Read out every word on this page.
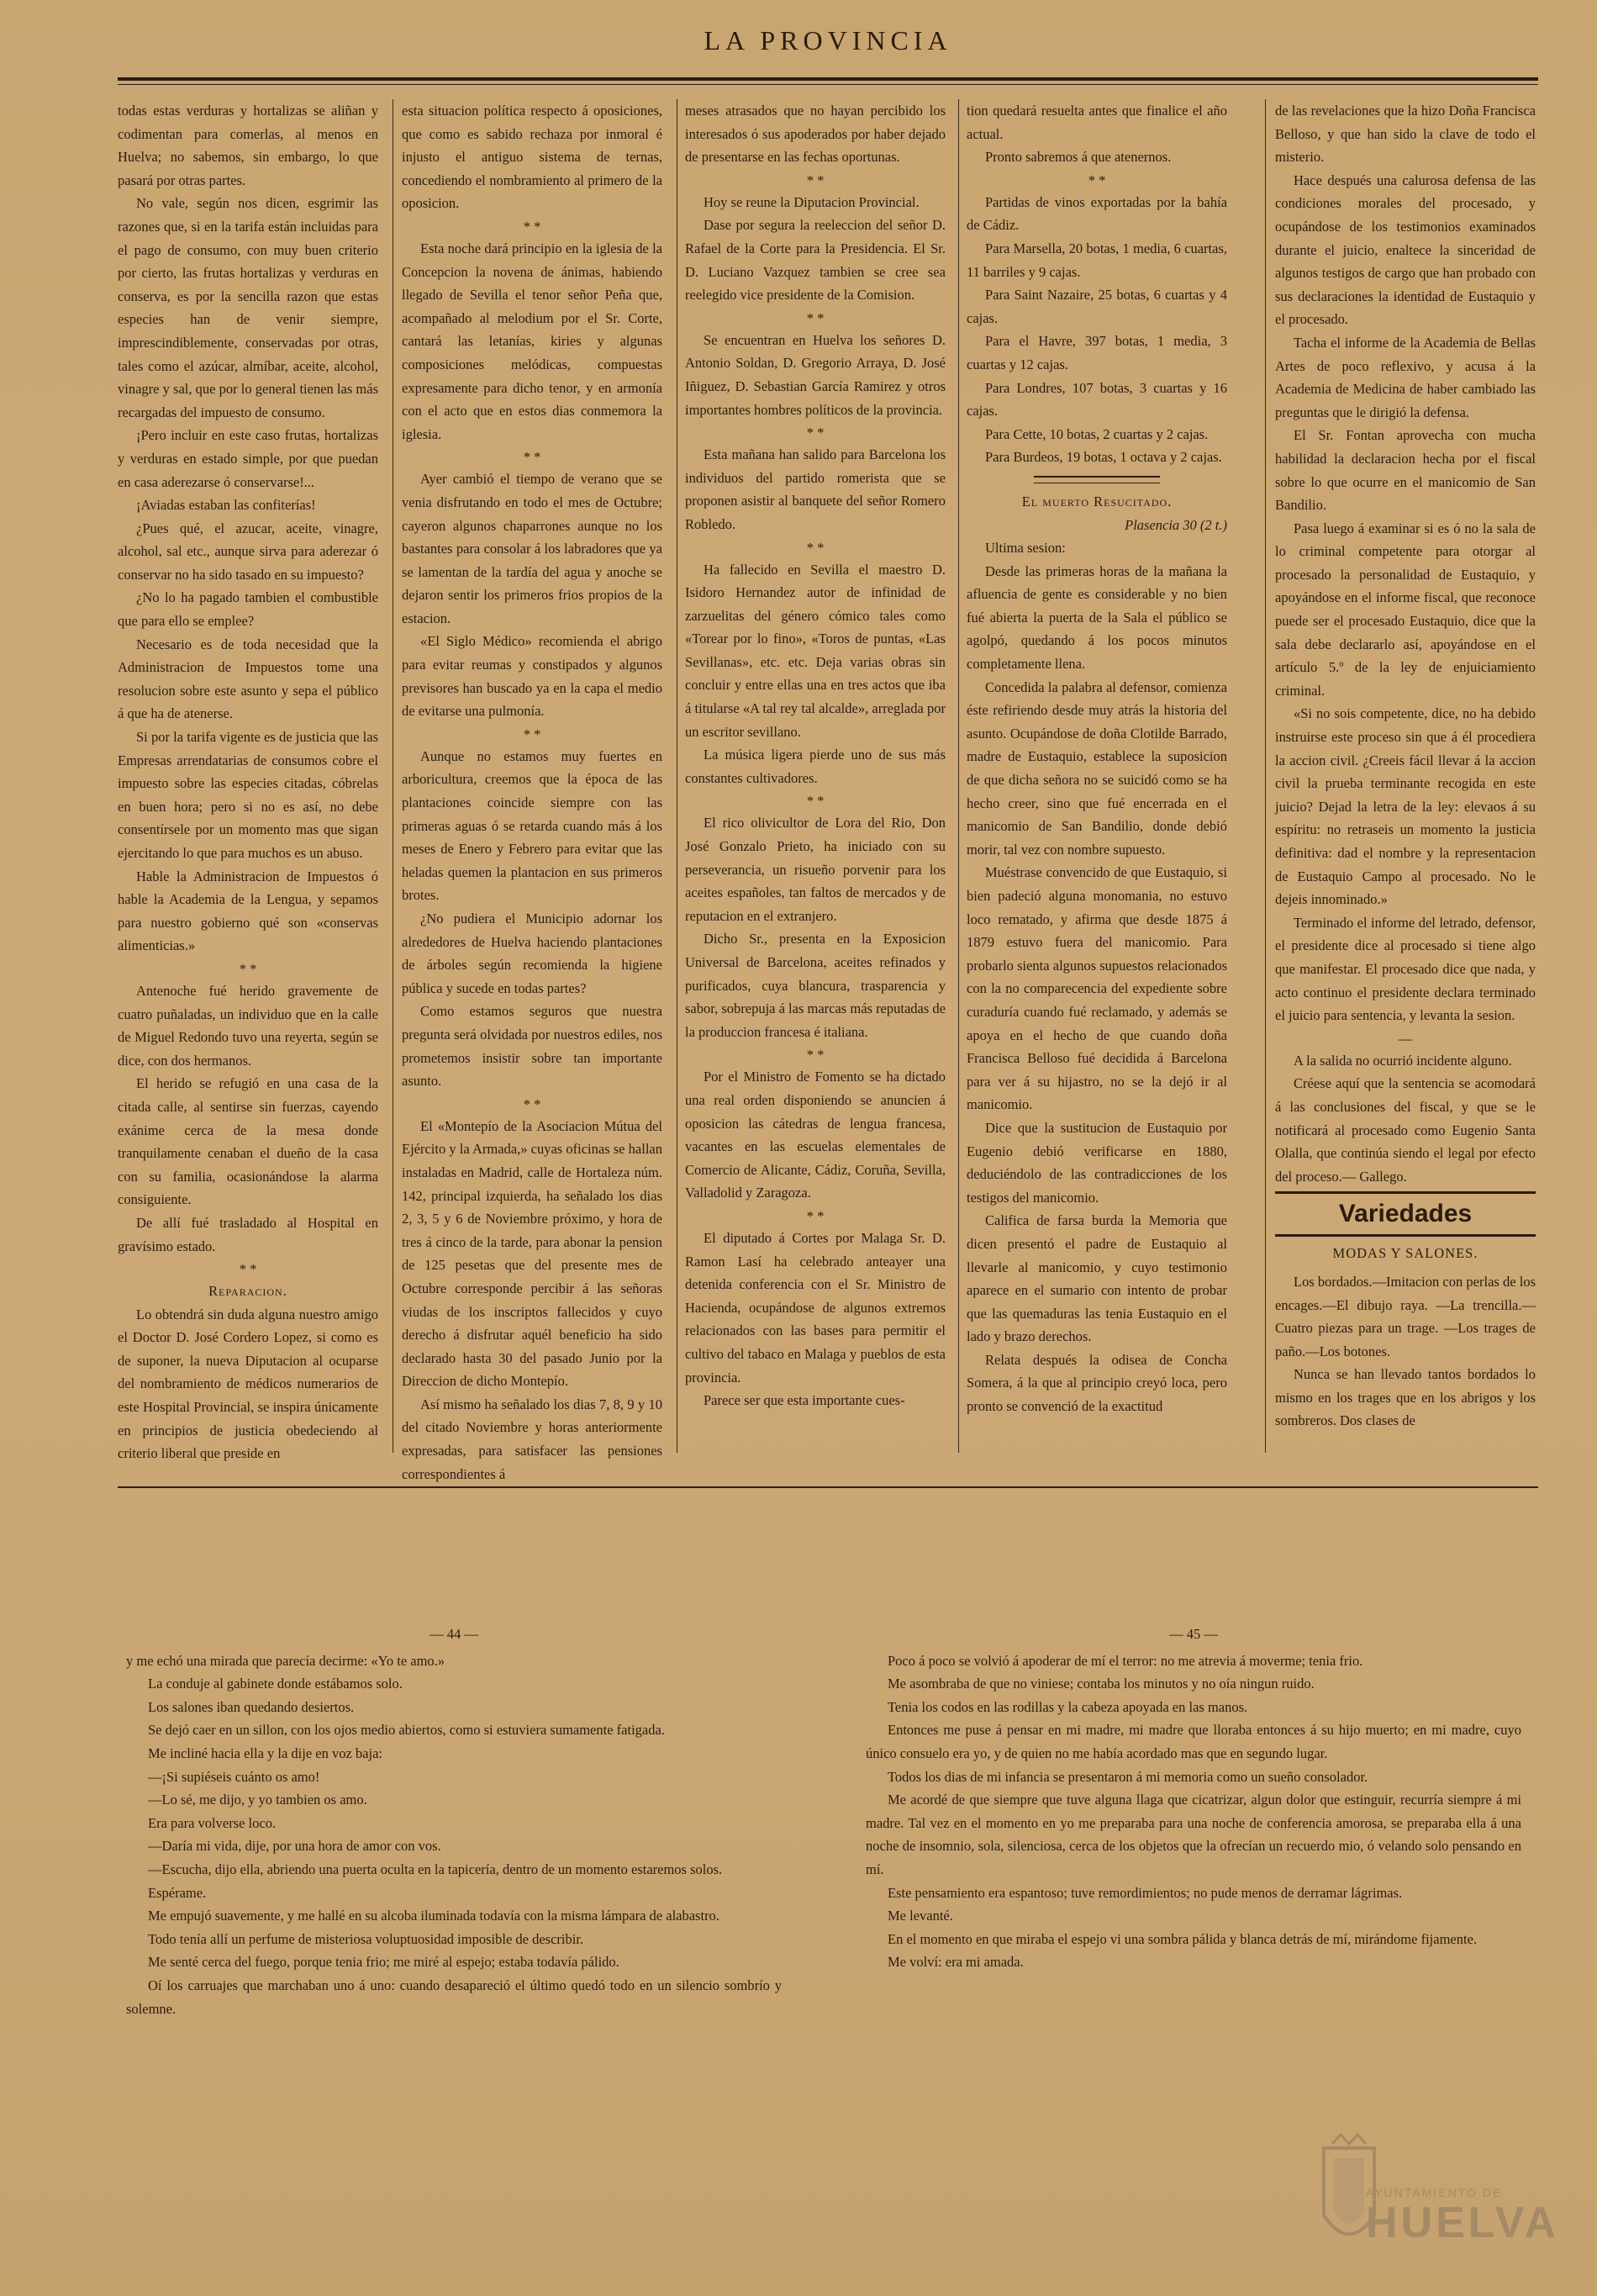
LA PROVINCIA

todas estas verduras y hortalizas se aliñan y codimentan para comerlas, al menos en Huelva; no sabemos, sin embargo, lo que pasará por otras partes.

No vale, según nos dicen, esgrimir las razones que, si en la tarifa están incluidas para el pago de consumo, con muy buen criterio por cierto, las frutas hortalizas y verduras en conserva, es por la sencilla razon que estas especies han de venir siempre, imprescindiblemente, conservadas por otras, tales como el azúcar, almíbar, aceite, alcohol, vinagre y sal, que por lo general tienen las más recargadas del impuesto de consumo.

¡Pero incluir en este caso frutas, hortalizas y verduras en estado simple, por que puedan en casa aderezarse ó conservarse!...

¡Aviadas estaban las confiterías!

¿Pues qué, el azucar, aceite, vinagre, alcohol, sal etc., aunque sirva para aderezar ó conservar no ha sido tasado en su impuesto?

¿No lo ha pagado tambien el combustible que para ello se emplee?

Necesario es de toda necesidad que la Administracion de Impuestos tome una resolucion sobre este asunto y sepa el público á que ha de atenerse.

Si por la tarifa vigente es de justicia que las Empresas arrendatarias de consumos cobre el impuesto sobre las especies citadas, cóbrelas en buen hora; pero si no es así, no debe consentírsele por un momento mas que sigan ejercitando lo que para muchos es un abuso.

Hable la Administracion de Impuestos ó hable la Academia de la Lengua, y sepamos para nuestro gobierno qué son «conservas alimenticias.»

* *

Antenoche fué herido gravemente de cuatro puñaladas, un individuo que en la calle de Miguel Redondo tuvo una reyerta, según se dice, con dos hermanos.

El herido se refugió en una casa de la citada calle, al sentirse sin fuerzas, cayendo exánime cerca de la mesa donde tranquilamente cenaban el dueño de la casa con su familia, ocasionándose la alarma consiguiente.

De allí fué trasladado al Hospital en gravísimo estado.

* *

Reparacion.

Lo obtendrá sin duda alguna nuestro amigo el Doctor D. José Cordero Lopez, si como es de suponer, la nueva Diputacion al ocuparse del nombramiento de médicos numerarios de este Hospital Provincial, se inspira únicamente en principios de justicia obedeciendo al criterio liberal que preside en

esta situacion política respecto á oposiciones, que como es sabido rechaza por inmoral é injusto el antiguo sistema de ternas, concediendo el nombramiento al primero de la oposicion.

* *

Esta noche dará principio en la iglesia de la Concepcion la novena de ánimas, habiendo llegado de Sevilla el tenor señor Peña que, acompañado al melodium por el Sr. Corte, cantará las letanías, kiries y algunas composiciones melódicas, compuestas expresamente para dicho tenor, y en armonía con el acto que en estos dias conmemora la iglesia.

* *

Ayer cambió el tiempo de verano que se venia disfrutando en todo el mes de Octubre; cayeron algunos chaparrones aunque no los bastantes para consolar á los labradores que ya se lamentan de la tardía del agua y anoche se dejaron sentir los primeros frios propios de la estacion.

«El Siglo Médico» recomienda el abrigo para evitar reumas y constipados y algunos previsores han buscado ya en la capa el medio de evitarse una pulmonía.

* *

Aunque no estamos muy fuertes en arboricultura, creemos que la época de las plantaciones coincide siempre con las primeras aguas ó se retarda cuando más á los meses de Enero y Febrero para evitar que las heladas quemen la plantacion en sus primeros brotes.

¿No pudiera el Municipio adornar los alrededores de Huelva haciendo plantaciones de árboles según recomienda la higiene pública y sucede en todas partes?

Como estamos seguros que nuestra pregunta será olvidada por nuestros ediles, nos prometemos insistir sobre tan importante asunto.

* *

El «Montepío de la Asociacion Mútua del Ejército y la Armada,» cuyas oficinas se hallan instaladas en Madrid, calle de Hortaleza núm. 142, principal izquierda, ha señalado los dias 2, 3, 5 y 6 de Noviembre próximo, y hora de tres á cinco de la tarde, para abonar la pension de 125 pesetas que del presente mes de Octubre corresponde percibir á las señoras viudas de los inscriptos fallecidos y cuyo derecho á disfrutar aquél beneficio ha sido declarado hasta 30 del pasado Junio por la Direccion de dicho Montepío.

Así mismo ha señalado los dias 7, 8, 9 y 10 del citado Noviembre y horas anteriormente expresadas, para satisfacer las pensiones correspondientes á

meses atrasados que no hayan percibido los interesados ó sus apoderados por haber dejado de presentarse en las fechas oportunas.

* *

Hoy se reune la Diputacion Provincial.

Dase por segura la reeleccion del señor D. Rafael de la Corte para la Presidencia. El Sr. D. Luciano Vazquez tambien se cree sea reelegido vice presidente de la Comision.

* *

Se encuentran en Huelva los señores D. Antonio Soldan, D. Gregorio Arraya, D. José Iñiguez, D. Sebastian García Ramirez y otros importantes hombres políticos de la provincia.

* *

Esta mañana han salido para Barcelona los individuos del partido romerista que se proponen asistir al banquete del señor Romero Robledo.

* *

Ha fallecido en Sevilla el maestro D. Isidoro Hernandez autor de infinidad de zarzuelitas del género cómico tales como «Torear por lo fino», «Toros de puntas, «Las Sevillanas», etc. etc. Deja varias obras sin concluir y entre ellas una en tres actos que iba á titularse «A tal rey tal alcalde», arreglada por un escritor sevillano.

La música ligera pierde uno de sus más constantes cultivadores.

* *

El rico olivicultor de Lora del Rio, Don José Gonzalo Prieto, ha iniciado con su perseverancia, un risueño porvenir para los aceites españoles, tan faltos de mercados y de reputacion en el extranjero.

Dicho Sr., presenta en la Exposicion Universal de Barcelona, aceites refinados y purificados, cuya blancura, trasparencia y sabor, sobrepuja á las marcas más reputadas de la produccion francesa é italiana.

* *

Por el Ministro de Fomento se ha dictado una real orden disponiendo se anuncien á oposicion las cátedras de lengua francesa, vacantes en las escuelas elementales de Comercio de Alicante, Cádiz, Coruña, Sevilla, Valladolid y Zaragoza.

* *

El diputado á Cortes por Malaga Sr. D. Ramon Lasí ha celebrado anteayer una detenida conferencia con el Sr. Ministro de Hacienda, ocupándose de algunos extremos relacionados con las bases para permitir el cultivo del tabaco en Malaga y pueblos de esta provincia.

Parece ser que esta importante cues-

tion quedará resuelta antes que finalice el año actual.

Pronto sabremos á que atenernos.

* *

Partidas de vinos exportadas por la bahía de Cádiz.

Para Marsella, 20 botas, 1 media, 6 cuartas, 11 barriles y 9 cajas.

Para Saint Nazaire, 25 botas, 6 cuartas y 4 cajas.

Para el Havre, 397 botas, 1 media, 3 cuartas y 12 cajas.

Para Londres, 107 botas, 3 cuartas y 16 cajas.

Para Cette, 10 botas, 2 cuartas y 2 cajas.

Para Burdeos, 19 botas, 1 octava y 2 cajas.

El muerto Resucitado.

Plasencia 30 (2 t.)

Ultima sesion:

Desde las primeras horas de la mañana la afluencia de gente es considerable y no bien fué abierta la puerta de la Sala el público se agolpó, quedando á los pocos minutos completamente llena.

Concedida la palabra al defensor, comienza éste refiriendo desde muy atrás la historia del asunto. Ocupándose de doña Clotilde Barrado, madre de Eustaquio, establece la suposicion de que dicha señora no se suicidó como se ha hecho creer, sino que fué encerrada en el manicomio de San Bandilio, donde debió morir, tal vez con nombre supuesto.

Muéstrase convencido de que Eustaquio, si bien padeció alguna monomania, no estuvo loco rematado, y afirma que desde 1875 á 1879 estuvo fuera del manicomio. Para probarlo sienta algunos supuestos relacionados con la no comparecencia del expediente sobre curaduría cuando fué reclamado, y además se apoya en el hecho de que cuando doña Francisca Belloso fué decidida á Barcelona para ver á su hijastro, no se la dejó ir al manicomio.

Dice que la sustitucion de Eustaquio por Eugenio debió verificarse en 1880, deduciéndolo de las contradicciones de los testigos del manicomio.

Califica de farsa burda la Memoria que dicen presentó el padre de Eustaquio al llevarle al manicomio, y cuyo testimonio aparece en el sumario con intento de probar que las quemaduras las tenia Eustaquio en el lado y brazo derechos.

Relata después la odisea de Concha Somera, á la que al principio creyó loca, pero pronto se convenció de la exactitud

de las revelaciones que la hizo Doña Francisca Belloso, y que han sido la clave de todo el misterio.

Hace después una calurosa defensa de las condiciones morales del procesado, y ocupándose de los testimonios examinados durante el juicio, enaltece la sinceridad de algunos testigos de cargo que han probado con sus declaraciones la identidad de Eustaquio y el procesado.

Tacha el informe de la Academia de Bellas Artes de poco reflexivo, y acusa á la Academia de Medicina de haber cambiado las preguntas que le dirigió la defensa.

El Sr. Fontan aprovecha con mucha habilidad la declaracion hecha por el fiscal sobre lo que ocurre en el manicomio de San Bandilio.

Pasa luego á examinar si es ó no la sala de lo criminal competente para otorgar al procesado la personalidad de Eustaquio, y apoyándose en el informe fiscal, que reconoce puede ser el procesado Eustaquio, dice que la sala debe declararlo así, apoyándose en el artículo 5.º de la ley de enjuiciamiento criminal.

«Si no sois competente, dice, no ha debido instruirse este proceso sin que á él procediera la accion civil. ¿Creeis fácil llevar á la accion civil la prueba terminante recogida en este juicio? Dejad la letra de la ley: elevaos á su espíritu: no retraseis un momento la justicia definitiva: dad el nombre y la representacion de Eustaquio Campo al procesado. No le dejeis innominado.»

Terminado el informe del letrado, defensor, el presidente dice al procesado si tiene algo que manifestar. El procesado dice que nada, y acto continuo el presidente declara terminado el juicio para sentencia, y levanta la sesion.

—

A la salida no ocurrió incidente alguno.

Créese aquí que la sentencia se acomodará á las conclusiones del fiscal, y que se le notificará al procesado como Eugenio Santa Olalla, que continúa siendo el legal por efecto del proceso.— Gallego.

Variedades
MODAS Y SALONES.

Los bordados.—Imitacion con perlas de los encages.—El dibujo raya. —La trencilla.—Cuatro piezas para un trage. —Los trages de paño.—Los botones.

Nunca se han llevado tantos bordados lo mismo en los trages que en los abrigos y los sombreros. Dos clases de

— 44 —

y me echó una mirada que parecía decirme: «Yo te amo.»

La conduje al gabinete donde estábamos solo.

Los salones iban quedando desiertos.

Se dejó caer en un sillon, con los ojos medio abiertos, como si estuviera sumamente fatigada.

Me incliné hacia ella y la dije en voz baja:

—¡Si supiéseis cuánto os amo!

—Lo sé, me dijo, y yo tambien os amo.

Era para volverse loco.

—Daría mi vida, dije, por una hora de amor con vos.

—Escucha, dijo ella, abriendo una puerta oculta en la tapicería, dentro de un momento estaremos solos.

Espérame.

Me empujó suavemente, y me hallé en su alcoba iluminada todavía con la misma lámpara de alabastro.

Todo tenía allí un perfume de misteriosa voluptuosidad imposible de describir.

Me senté cerca del fuego, porque tenia frio; me miré al espejo; estaba todavía pálido.

Oí los carruajes que marchaban uno á uno: cuando desapareció el último quedó todo en un silencio sombrío y solemne.

— 45 —

Poco á poco se volvió á apoderar de mí el terror: no me atrevia á moverme; tenia frio.

Me asombraba de que no viniese; contaba los minutos y no oía ningun ruido.

Tenia los codos en las rodillas y la cabeza apoyada en las manos.

Entonces me puse á pensar en mi madre, mi madre que lloraba entonces á su hijo muerto; en mi madre, cuyo único consuelo era yo, y de quien no me había acordado mas que en segundo lugar.

Todos los dias de mi infancia se presentaron á mi memoria como un sueño consolador.

Me acordé de que siempre que tuve alguna llaga que cicatrizar, algun dolor que estinguir, recurría siempre á mi madre. Tal vez en el momento en yo me preparaba para una noche de conferencia amorosa, se preparaba ella á una noche de insomnio, sola, silenciosa, cerca de los objetos que la ofrecían un recuerdo mio, ó velando solo pensando en mí.

Este pensamiento era espantoso; tuve remordimientos; no pude menos de derramar lágrimas.

Me levanté.

En el momento en que miraba el espejo vi una sombra pálida y blanca detrás de mí, mirándome fijamente.

Me volví: era mi amada.

AYUNTAMIENTO DE
HUELVA
